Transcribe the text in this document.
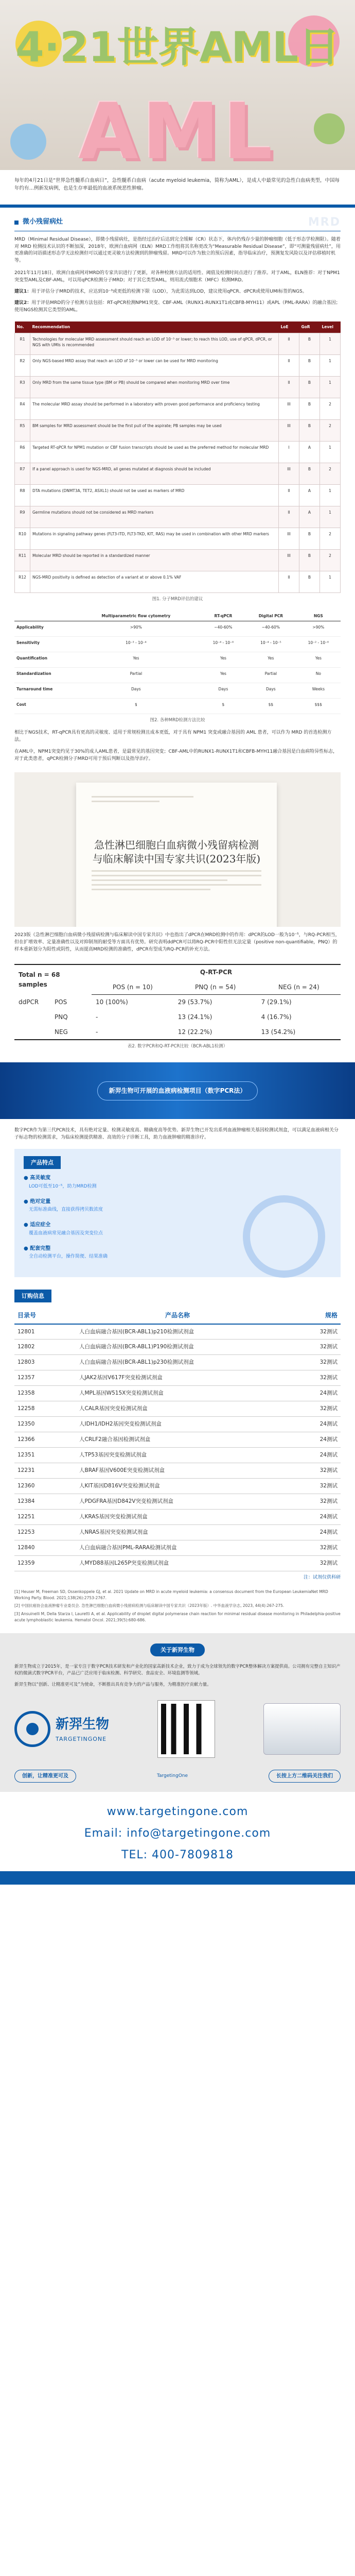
4·21世界AML日
AML
每年的4月21日是“世界急性髓系白血病日”，急性髓系白血病（acute myeloid leukemia，简称为AML），是成人中最常见的急性白血病类型，中国每年约有…例新发病例，也是生存率最低的血液系统恶性肿瘤。
微小残留病灶	MRD
MRD（Minimal Residual Disease），即微小残留病灶，是指经过治疗后达到完全缓解（CR）状态下，体内仍残存少量的肿瘤细胞（低于形态学检测限）。随着对 MRD 检测技术认识的不断加深，2018年，欧洲白血病网（ELN）MRD工作组将其名称更改为“Measurable Residual Disease”，即“可测量残留病灶”，用更准确的词语描述形态学无法检测但可以通过更灵敏方法检测到的肿瘤残留。MRD可以作为独立的预后因素，指导临床治疗，预测复发风险以及评估移植时机等。
2021年11月18日，欧洲白血病网对MRD的专家共识进行了更新，对各种检测方法的适用性、阈值及检测时间点进行了推荐。对于AML，ELN推荐：对于NPM1突变型AML及CBF-AML，可以用qPCR检测分子MRD；对于其它类型AML，则用流式细胞术（MFC）检测MRD。
建议1：用于评估分子MRD的技术，应达到10⁻³或更低的检测下限（LOD），为此需达到LOD，建议使用qPCR、dPCR或使用UMI标签的NGS。
建议2：用于评估MRD的分子检测方法包括：RT-qPCR检测NPM1突变、CBF-AML（RUNX1-RUNX1T1或CBFB-MYH11）或APL（PML-RARA）的融合基因；使用NGS检测其它类型的AML。
No.	Recommendation	LoE	GoR	Level
R1	Technologies for molecular MRD assessment should reach an LOD of 10⁻³ or lower; to reach this LOD, use of qPCR, dPCR, or NGS with UMIs is recommended	II	B	1
R2	Only NGS-based MRD assay that reach an LOD of 10⁻³ or lower can be used for MRD monitoring	II	B	1
R3	Only MRD from the same tissue type (BM or PB) should be compared when monitoring MRD over time	II	B	1
R4	The molecular MRD assay should be performed in a laboratory with proven good performance and proficiency testing	III	B	2
R5	BM samples for MRD assessment should be the first pull of the aspirate; PB samples may be used	III	B	2
R6	Targeted RT-qPCR for NPM1 mutation or CBF fusion transcripts should be used as the preferred method for molecular MRD	I	A	1
R7	If a panel approach is used for NGS-MRD, all genes mutated at diagnosis should be included	III	B	2
R8	DTA mutations (DNMT3A, TET2, ASXL1) should not be used as markers of MRD	II	A	1
R9	Germline mutations should not be considered as MRD markers	II	A	1
R10	Mutations in signaling pathway genes (FLT3-ITD, FLT3-TKD, KIT, RAS) may be used in combination with other MRD markers	III	B	2
R11	Molecular MRD should be reported in a standardized manner	III	B	2
R12	NGS-MRD positivity is defined as detection of a variant at or above 0.1% VAF	II	B	1
图1. 分子MRD评估的建议
	Multiparametric flow cytometry	RT-qPCR	Digital PCR	NGS
Applicability	>90%	~40-60%	~40-60%	>90%
Sensitivity	10⁻³ - 10⁻⁴	10⁻⁴ - 10⁻⁶	10⁻⁴ - 10⁻⁵	10⁻² - 10⁻⁶
Quantification	Yes	Yes	Yes	Yes
Standardization	Partial	Yes	Partial	No
Turnaround time	Days	Days	Days	Weeks
Cost	$	$	$$	$$$
图2. 各种MRD检测方法比较
相比于NGS技术，RT-qPCR具有更高的灵敏度、适用于常规检测且成本更低，对于具有 NPM1 突变或融合基因的 AML 患者，可以作为 MRD 的首选检测方法。
在AML中，NPM1突变约见于30%的成人AML患者，是最常见的基因突变；CBF-AML中的RUNX1-RUNX1T1和CBFB-MYH11融合基因是白血病特异性标志，对于此类患者，qPCR检测分子MRD可用于预后判断以及指导治疗。
急性淋巴细胞白血病微小残留病检测与临床解读中国专家共识(2023年版)
2023版《急性淋巴细胞白血病微小残留病检测与临床解读中国专家共识》中也指出了dPCR在MRD检测中的作用：dPCR的LOD一般为10⁻⁵，与RQ-PCR相当，但在扩增效率、定量准确性以及对抑制剂的耐受等方面具有优势。研究表明ddPCR可以将RQ-PCR中阳性但无法定量（positive non-quantifiable，PNQ）的样本重新划分为阳性或阴性，从而提高MRD检测的准确性，dPCR有望成为RQ-PCR的补充方法。
Total n = 68 samples	Q-RT-PCR		
	POS (n = 10)	PNQ (n = 54)	NEG (n = 24)
ddPCR POS	10 (100%)	29 (53.7%)	7 (29.1%)
PNQ	-	13 (24.1%)	4 (16.7%)
NEG	-	12 (22.2%)	13 (54.2%)
表2. 数字PCR和Q-RT-PCR比较（BCR-ABL1检测）
新羿生物可开展的血液病检测项目（数字PCR法）
数字PCR作为第三代PCR技术，具有绝对定量、检测灵敏度高、精确度高等优势。新羿生物已开发出系列血液肿瘤相关基因检测试剂盒，可以满足血液病相关分子标志物的检测需求，为临床检测提供精准、高效的分子诊断工具，助力血液肿瘤的精准诊疗。
产品特点
● 高灵敏度
LOD可低至10⁻⁵，助力MRD检测
● 绝对定量
无需标准曲线，直接获得拷贝数浓度
● 适应症全
覆盖血液病常见融合基因及突变位点
● 配套完整
全自动检测平台，操作简便、结果准确
订购信息
目录号	产品名称	规格
12801	人白血病融合基因(BCR-ABL1)p210检测试剂盒	32测试
12802	人白血病融合基因(BCR-ABL1)P190检测试剂盒	32测试
12803	人白血病融合基因(BCR-ABL1)p230检测试剂盒	32测试
12357	人JAK2基因V617F突变检测试剂盒	32测试
12358	人MPL基因W515X突变检测试剂盒	24测试
12258	人CALR基因突变检测试剂盒	32测试
12350	人IDH1/IDH2基因突变检测试剂盒	24测试
12366	人CRLF2融合基因检测试剂盒	24测试
12351	人TP53基因突变检测试剂盒	24测试
12231	人BRAF基因V600E突变检测试剂盒	32测试
12360	人KIT基因D816V突变检测试剂盒	32测试
12384	人PDGFRA基因D842V突变检测试剂盒	32测试
12251	人KRAS基因突变检测试剂盒	24测试
12253	人NRAS基因突变检测试剂盒	24测试
12840	人白血病融合基因PML-RARA检测试剂盒	32测试
12359	人MYD88基因L265P突变检测试剂盒	32测试
注：试剂仅供科研
[1] Heuser M, Freeman SD, Ossenkoppele GJ, et al. 2021 Update on MRD in acute myeloid leukemia: a consensus document from the European LeukemiaNet MRD Working Party. Blood. 2021;138(26):2753-2767.
[2] 中国抗癌协会血液肿瘤专业委员会. 急性淋巴细胞白血病微小残留病检测与临床解读中国专家共识（2023年版）. 中华血液学杂志, 2023, 44(4):267-275.
[3] Ansuinelli M, Della Starza I, Lauretti A, et al. Applicability of droplet digital polymerase chain reaction for minimal residual disease monitoring in Philadelphia-positive acute lymphoblastic leukemia. Hematol Oncol. 2021;39(5):680-686.
关于新羿生物

新羿生物成立于2015年，是一家专注于数字PCR技术研发和产业化的国家高新技术企业，致力于成为全球领先的数字PCR整体解决方案提供商。公司拥有完整自主知识产权的微滴式数字PCR平台，产品已广泛应用于临床检测、科学研究、食品安全、环境监测等领域。

新羿生物以“创新、让精准更可及”为使命，不断推出具有竞争力的产品与服务，为精准医疗贡献力量。

新羿生物
TARGETINGONE
创新，让精准更可及	TargetingOne	长按上方二维码关注我们
www.targetingone.com
Email: info@targetingone.com
TEL: 400-7809818
